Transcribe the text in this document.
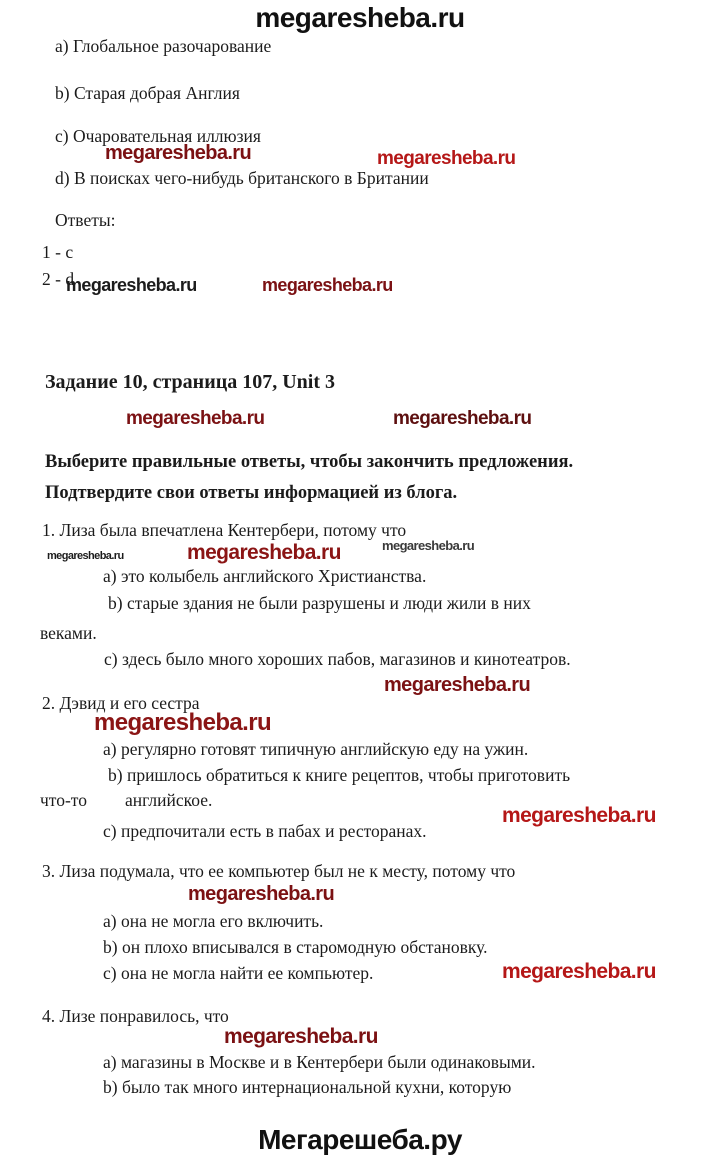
megaresheba.ru
a) Глобальное разочарование
b) Старая добрая Англия
c) Очаровательная иллюзия
d) В поисках чего-нибудь британского в Британии
Ответы:
1 - c
2 - d
Задание 10, страница 107, Unit 3
Выберите правильные ответы, чтобы закончить предложения.
Подтвердите свои ответы информацией из блога.
1. Лиза была впечатлена Кентербери, потому что
a) это колыбель английского Христианства.
b) старые здания не были разрушены и люди жили в них
веками.
c) здесь было много хороших пабов, магазинов и кинотеатров.
2. Дэвид и его сестра
a) регулярно готовят типичную английскую еду на ужин.
b) пришлось обратиться к книге рецептов, чтобы приготовить
что-то английское.
c) предпочитали есть в пабах и ресторанах.
3. Лиза подумала, что ее компьютер был не к месту, потому что
a) она не могла его включить.
b) он плохо вписывался в старомодную обстановку.
c) она не могла найти ее компьютер.
4. Лизе понравилось, что
a) магазины в Москве и в Кентербери были одинаковыми.
b) было так много интернациональной кухни, которую
megaresheba.ru	megaresheba.ru
megaresheba.ru	megaresheba.ru
megaresheba.ru	megaresheba.ru
megaresheba.ru	megaresheba.ru	megaresheba.ru
megaresheba.ru
megaresheba.ru
megaresheba.ru
megaresheba.ru
megaresheba.ru
megaresheba.ru
Мегарешеба.ру
